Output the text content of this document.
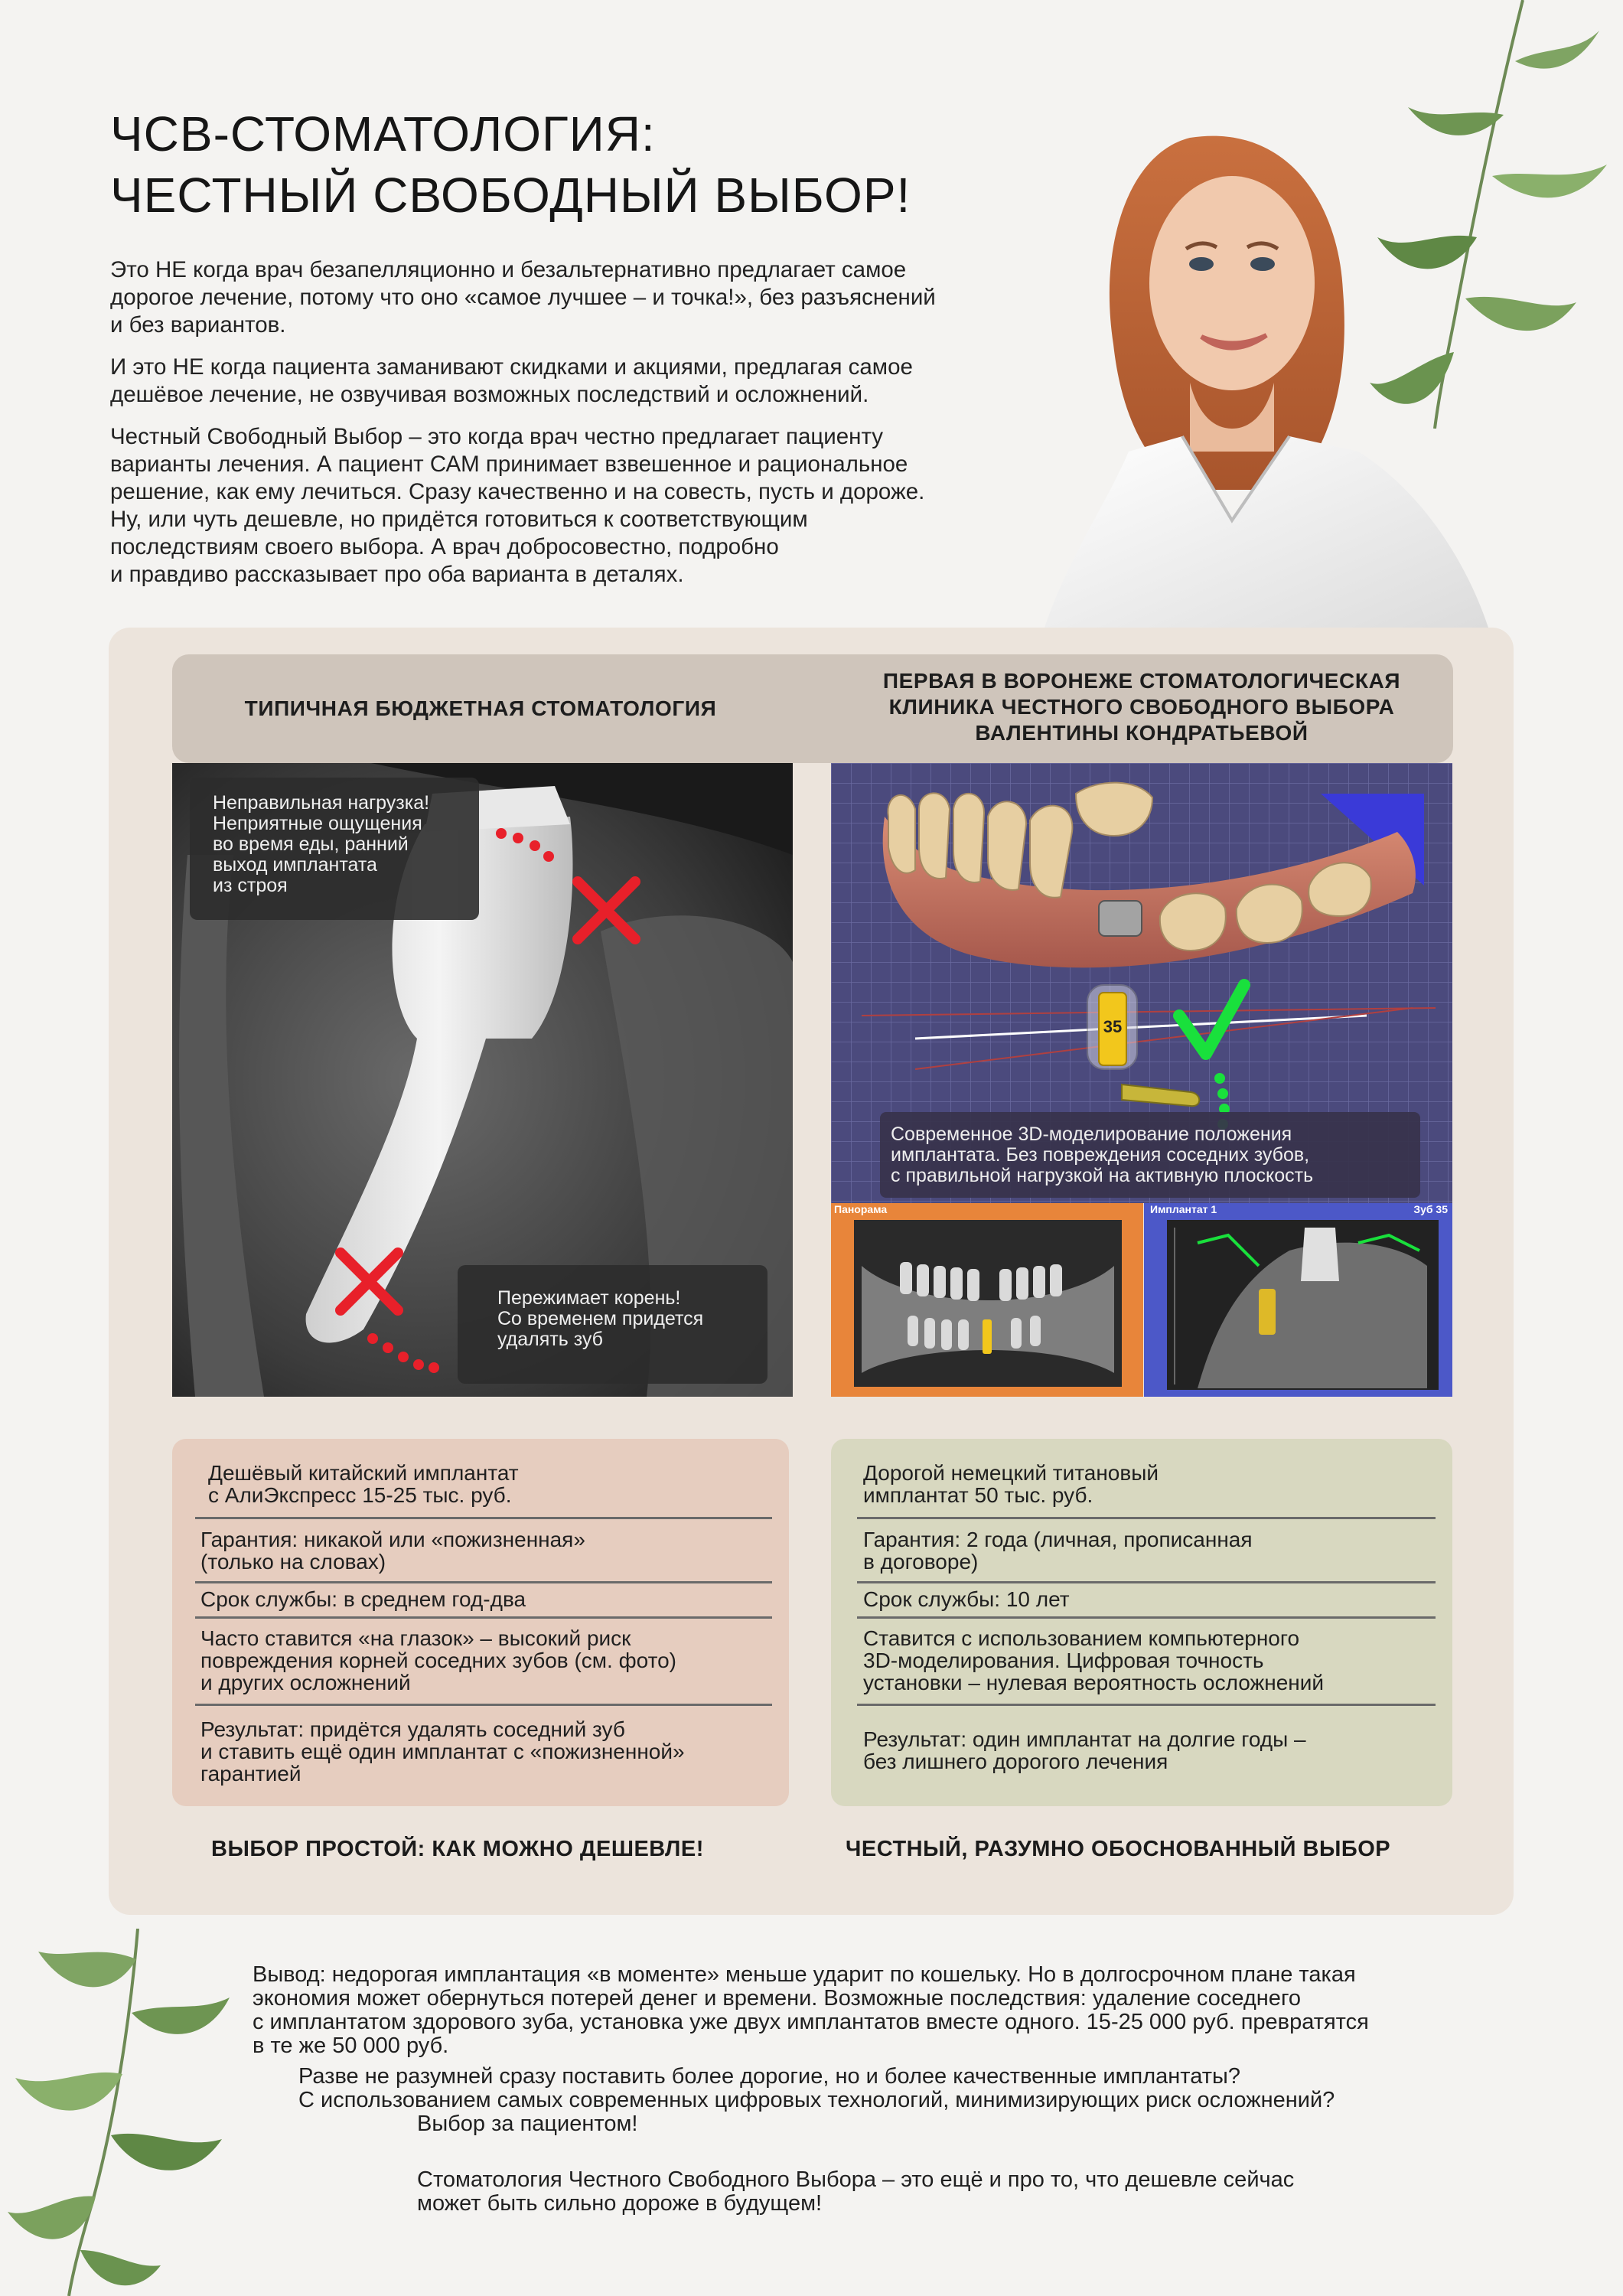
ЧСВ-СТОМАТОЛОГИЯ:
ЧЕСТНЫЙ СВОБОДНЫЙ ВЫБОР!

Это НЕ когда врач безапелляционно и безальтернативно предлагает самое
дорогое лечение, потому что оно «самое лучшее – и точка!», без разъяснений
и без вариантов.

И это НЕ когда пациента заманивают скидками и акциями, предлагая самое
дешёвое лечение, не озвучивая возможных последствий и осложнений.

Честный Свободный Выбор – это когда врач честно предлагает пациенту
варианты лечения. А пациент САМ принимает взвешенное и рациональное
решение, как ему лечиться. Сразу качественно и на совесть, пусть и дороже.
Ну, или чуть дешевле, но придётся готовиться к соответствующим
последствиям своего выбора. А врач добросовестно, подробно
и правдиво рассказывает про оба варианта в деталях.

ТИПИЧНАЯ БЮДЖЕТНАЯ СТОМАТОЛОГИЯ
ПЕРВАЯ В ВОРОНЕЖЕ СТОМАТОЛОГИЧЕСКАЯ
КЛИНИКА ЧЕСТНОГО СВОБОДНОГО ВЫБОРА
ВАЛЕНТИНЫ КОНДРАТЬЕВОЙ
Неправильная нагрузка!
Неприятные ощущения
во время еды, ранний
выход имплантата
из строя
Пережимает корень!
Со временем придется
удалять зуб
35
Современное 3D-моделирование положения
имплантата. Без повреждения соседних зубов,
с правильной нагрузкой на активную плоскость
Панорама	Имплантат 1	Зуб 35
Дешёвый китайский имплантат
с АлиЭкспресс 15-25 тыс. руб.
Гарантия: никакой или «пожизненная»
(только на словах)
Срок службы: в среднем год-два
Часто ставится «на глазок» – высокий риск
повреждения корней соседних зубов (см. фото)
и других осложнений
Результат: придётся удалять соседний зуб
и ставить ещё один имплантат с «пожизненной»
гарантией
Дорогой немецкий титановый
имплантат 50 тыс. руб.
Гарантия: 2 года (личная, прописанная
в договоре)
Срок службы: 10 лет
Ставится с использованием компьютерного
3D-моделирования. Цифровая точность
установки – нулевая вероятность осложнений
Результат: один имплантат на долгие годы –
без лишнего дорогого лечения
ВЫБОР ПРОСТОЙ: КАК МОЖНО ДЕШЕВЛЕ!	ЧЕСТНЫЙ, РАЗУМНО ОБОСНОВАННЫЙ ВЫБОР
Вывод: недорогая имплантация «в моменте» меньше ударит по кошельку. Но в долгосрочном плане такая
экономия может обернуться потерей денег и времени. Возможные последствия: удаление соседнего
с имплантатом здорового зуба, установка уже двух имплантатов вместе одного. 15-25 000 руб. превратятся
в те же 50 000 руб.
Разве не разумней сразу поставить более дорогие, но и более качественные имплантаты?
С использованием самых современных цифровых технологий, минимизирующих риск осложнений?
Выбор за пациентом!
Стоматология Честного Свободного Выбора – это ещё и про то, что дешевле сейчас
может быть сильно дороже в будущем!
